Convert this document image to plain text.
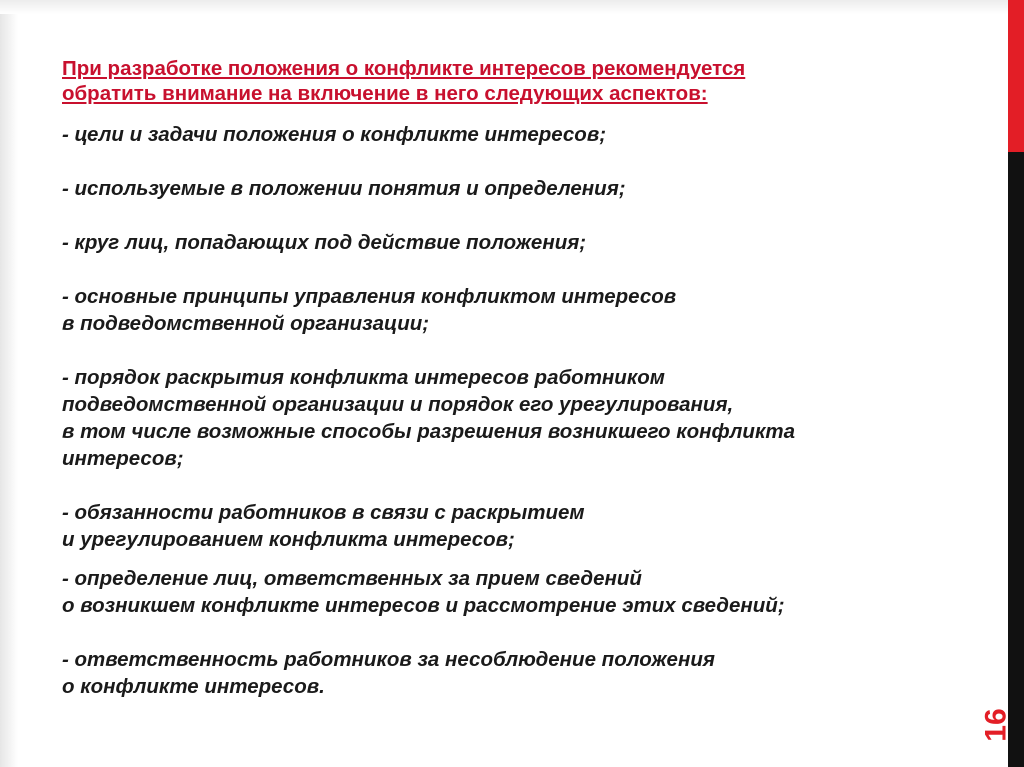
При разработке положения о конфликте интересов рекомендуется
обратить внимание на включение в него следующих аспектов:
- цели и задачи положения о конфликте интересов;
- используемые в положении понятия и определения;
- круг лиц, попадающих под действие положения;
- основные принципы управления конфликтом интересов
в подведомственной организации;
- порядок раскрытия конфликта интересов работником
подведомственной организации и порядок его урегулирования,
в том числе возможные способы разрешения возникшего конфликта
интересов;
- обязанности работников в связи с раскрытием
и урегулированием конфликта интересов;
- определение лиц, ответственных за прием сведений
о возникшем конфликте интересов и рассмотрение этих сведений;
- ответственность работников за несоблюдение положения
о конфликте интересов.
16
